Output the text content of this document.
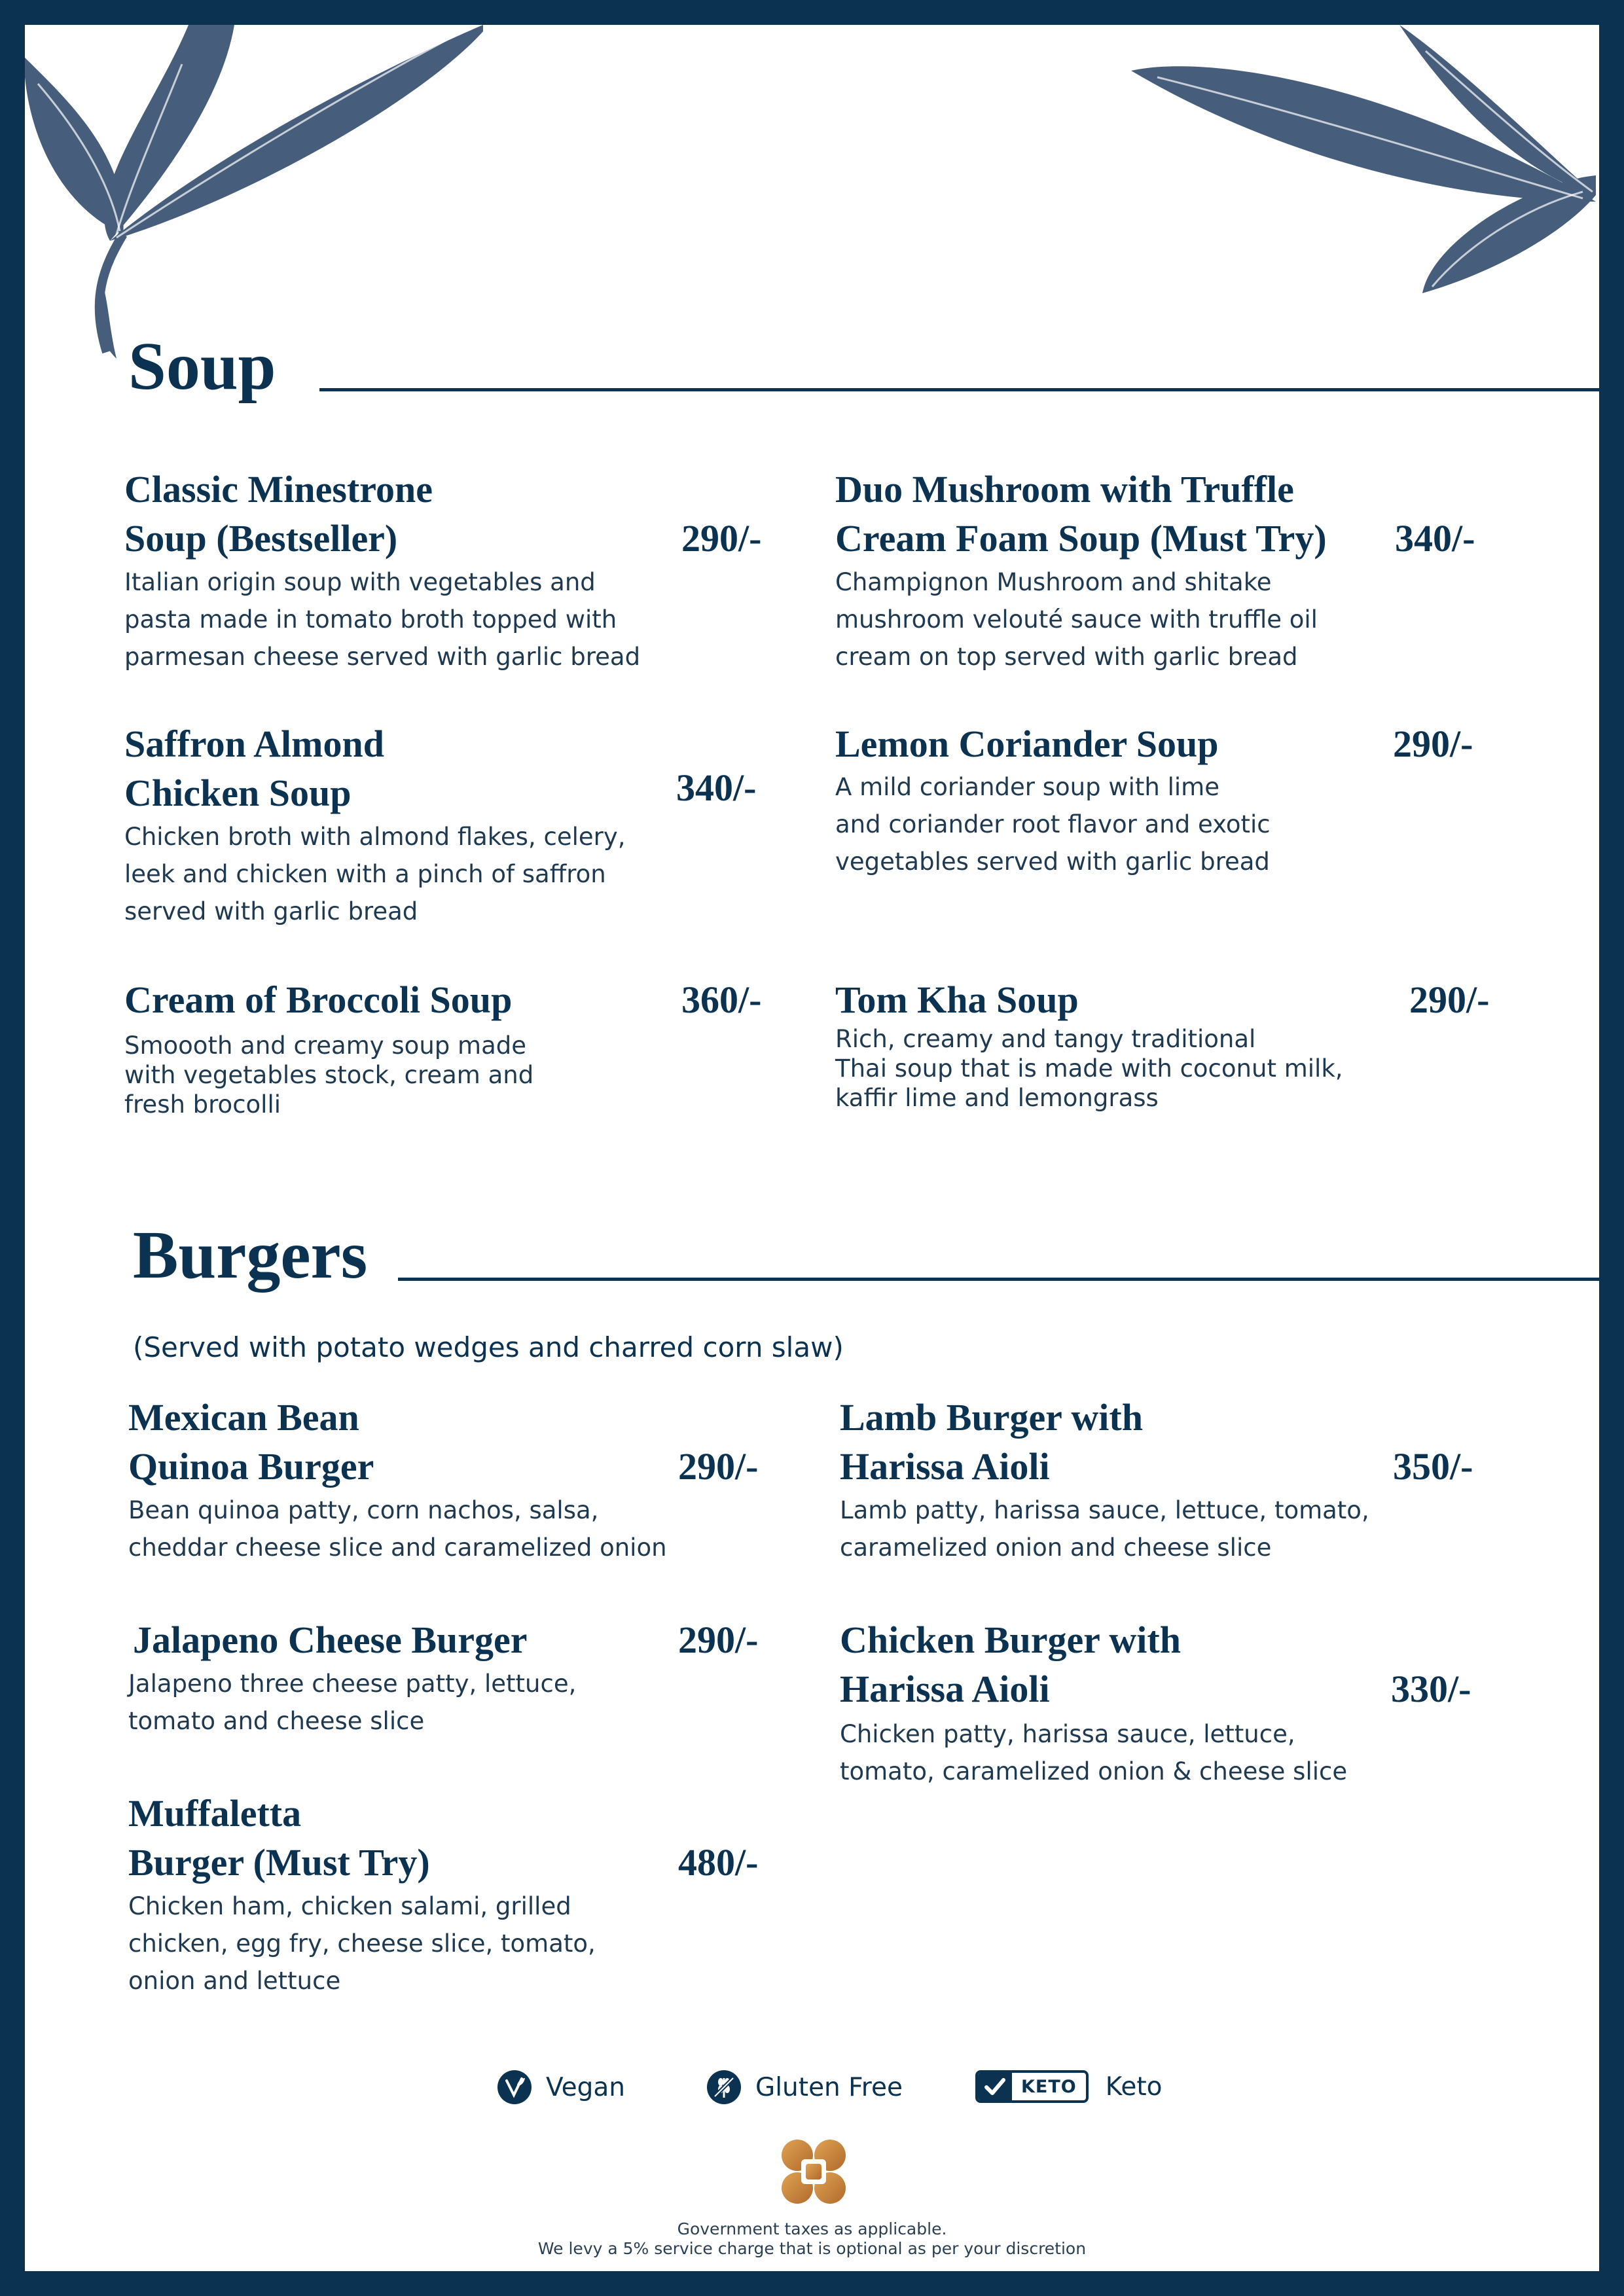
Soup
Classic Minestrone
Soup (Bestseller)	290/-
Italian origin soup with vegetables and
pasta made in tomato broth topped with
parmesan cheese served with garlic bread
Duo Mushroom with Truffle
Cream Foam Soup (Must Try) 340/-
Champignon Mushroom and shitake
mushroom velouté sauce with truffle oil
cream on top served with garlic bread
Saffron Almond
Chicken Soup	340/-
Chicken broth with almond flakes, celery,
leek and chicken with a pinch of saffron
served with garlic bread
Lemon Coriander Soup	290/-
A mild coriander soup with lime
and coriander root flavor and exotic
vegetables served with garlic bread
Cream of Broccoli Soup	360/-
Smoooth and creamy soup made
with vegetables stock, cream and
fresh brocolli
Tom Kha Soup	290/-
Rich, creamy and tangy traditional
Thai soup that is made with coconut milk,
kaffir lime and lemongrass
Burgers
(Served with potato wedges and charred corn slaw)
Mexican Bean
Quinoa Burger	290/-
Bean quinoa patty, corn nachos, salsa,
cheddar cheese slice and caramelized onion
Lamb Burger with
Harissa Aioli	350/-
Lamb patty, harissa sauce, lettuce, tomato,
caramelized onion and cheese slice
Jalapeno Cheese Burger	290/-
Jalapeno three cheese patty, lettuce,
tomato and cheese slice
Chicken Burger with
Harissa Aioli	330/-
Chicken patty, harissa sauce, lettuce,
tomato, caramelized onion & cheese slice
Muffaletta
Burger (Must Try)	480/-
Chicken ham, chicken salami, grilled
chicken, egg fry, cheese slice, tomato,
onion and lettuce
Vegan	Gluten Free	KETO	Keto
Government taxes as applicable.
We levy a 5% service charge that is optional as per your discretion
